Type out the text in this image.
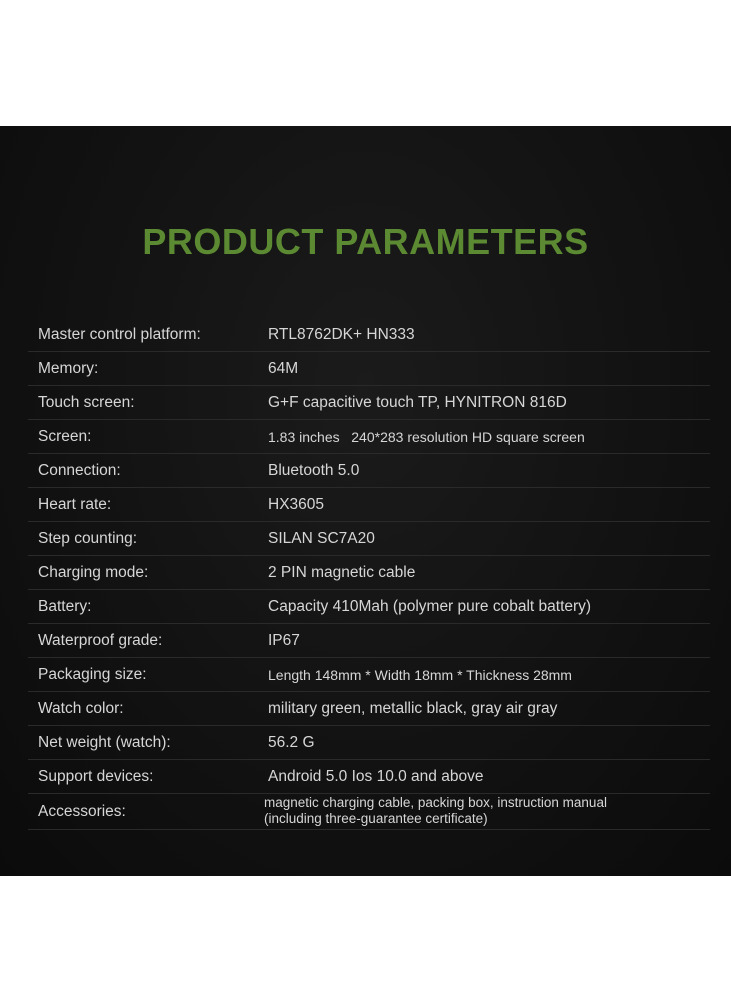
PRODUCT PARAMETERS
Master control platform:	RTL8762DK+ HN333
Memory:	64M
Touch screen:	G+F capacitive touch TP, HYNITRON 816D
Screen:	1.83 inches   240*283 resolution HD square screen
Connection:	Bluetooth 5.0
Heart rate:	HX3605
Step counting:	SILAN SC7A20
Charging mode:	2 PIN magnetic cable
Battery:	Capacity 410Mah (polymer pure cobalt battery)
Waterproof grade:	IP67
Packaging size:	Length 148mm * Width 18mm * Thickness 28mm
Watch color:	military green, metallic black, gray air gray
Net weight (watch):	56.2 G
Support devices:	Android 5.0 Ios 10.0 and above
Accessories:
magnetic charging cable, packing box, instruction manual
(including three-guarantee certificate)
